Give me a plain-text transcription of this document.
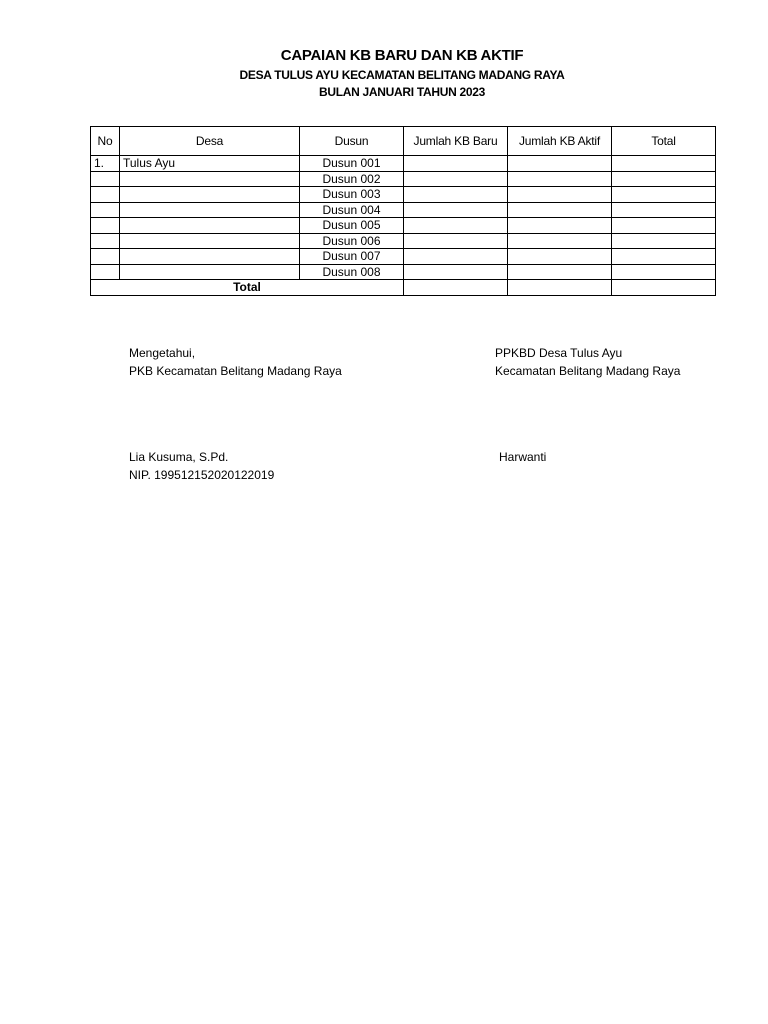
CAPAIAN KB BARU DAN KB AKTIF
DESA TULUS AYU KECAMATAN BELITANG MADANG RAYA
BULAN JANUARI TAHUN 2023
No	Desa	Dusun	Jumlah KB Baru	Jumlah KB Aktif	Total
1.	Tulus Ayu	Dusun 001			
		Dusun 002			
		Dusun 003			
		Dusun 004			
		Dusun 005			
		Dusun 006			
		Dusun 007			
		Dusun 008			
Total					
Mengetahui,
PKB Kecamatan Belitang Madang Raya
PPKBD Desa Tulus Ayu
Kecamatan Belitang Madang Raya
Lia Kusuma, S.Pd.
NIP. 199512152020122019
Harwanti
